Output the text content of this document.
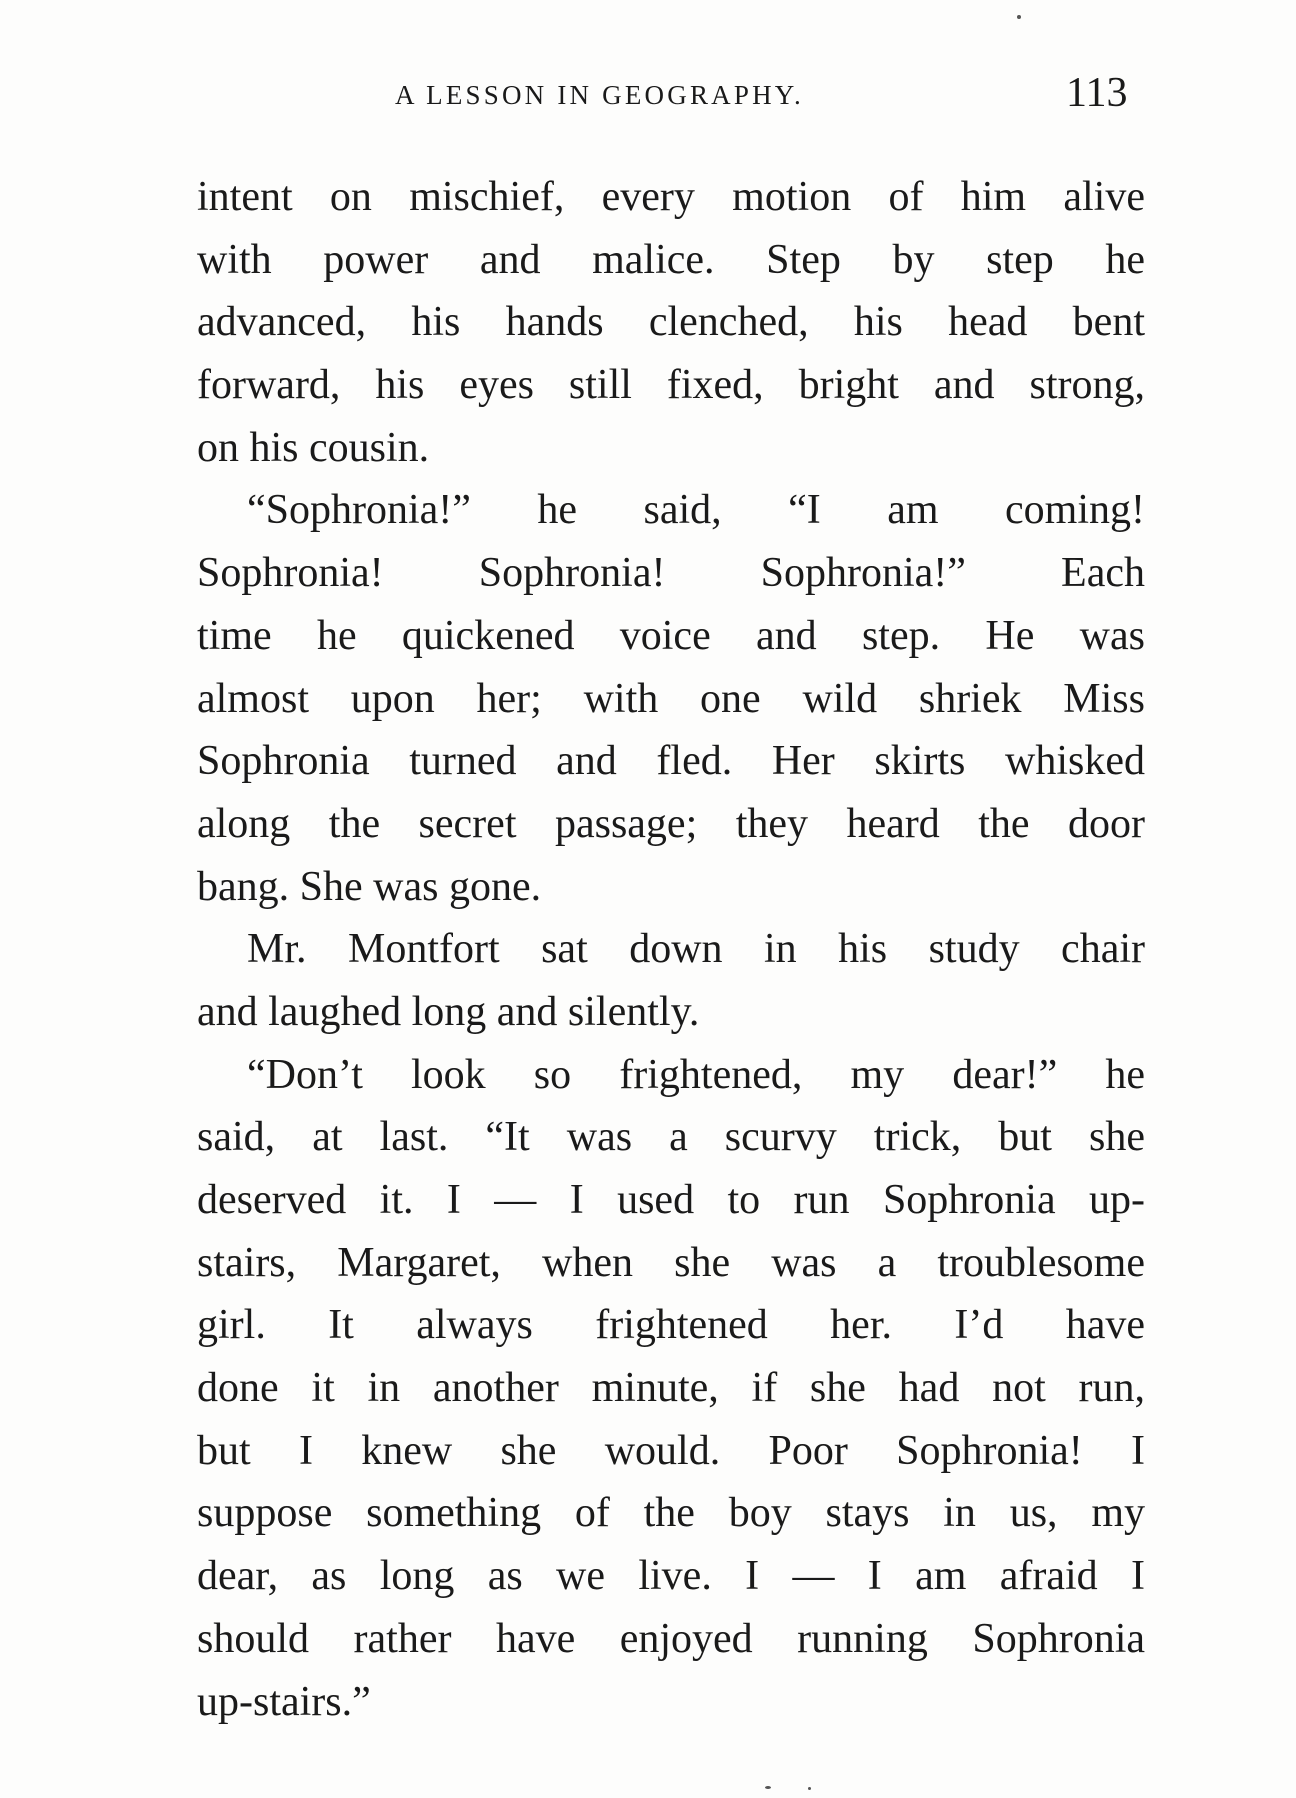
A LESSON IN GEOGRAPHY.	113
intent on mischief, every motion of him alive
with power and malice. Step by step he
advanced, his hands clenched, his head bent
forward, his eyes still fixed, bright and strong,
on his cousin.
“Sophronia!” he said, “I am coming!
Sophronia! Sophronia! Sophronia!” Each
time he quickened voice and step. He was
almost upon her; with one wild shriek Miss
Sophronia turned and fled. Her skirts whisked
along the secret passage; they heard the door
bang. She was gone.
Mr. Montfort sat down in his study chair
and laughed long and silently.
“Don’t look so frightened, my dear!” he
said, at last. “It was a scurvy trick, but she
deserved it. I — I used to run Sophronia up-
stairs, Margaret, when she was a troublesome
girl. It always frightened her. I’d have
done it in another minute, if she had not run,
but I knew she would. Poor Sophronia! I
suppose something of the boy stays in us, my
dear, as long as we live. I — I am afraid I
should rather have enjoyed running Sophronia
up-stairs.”
